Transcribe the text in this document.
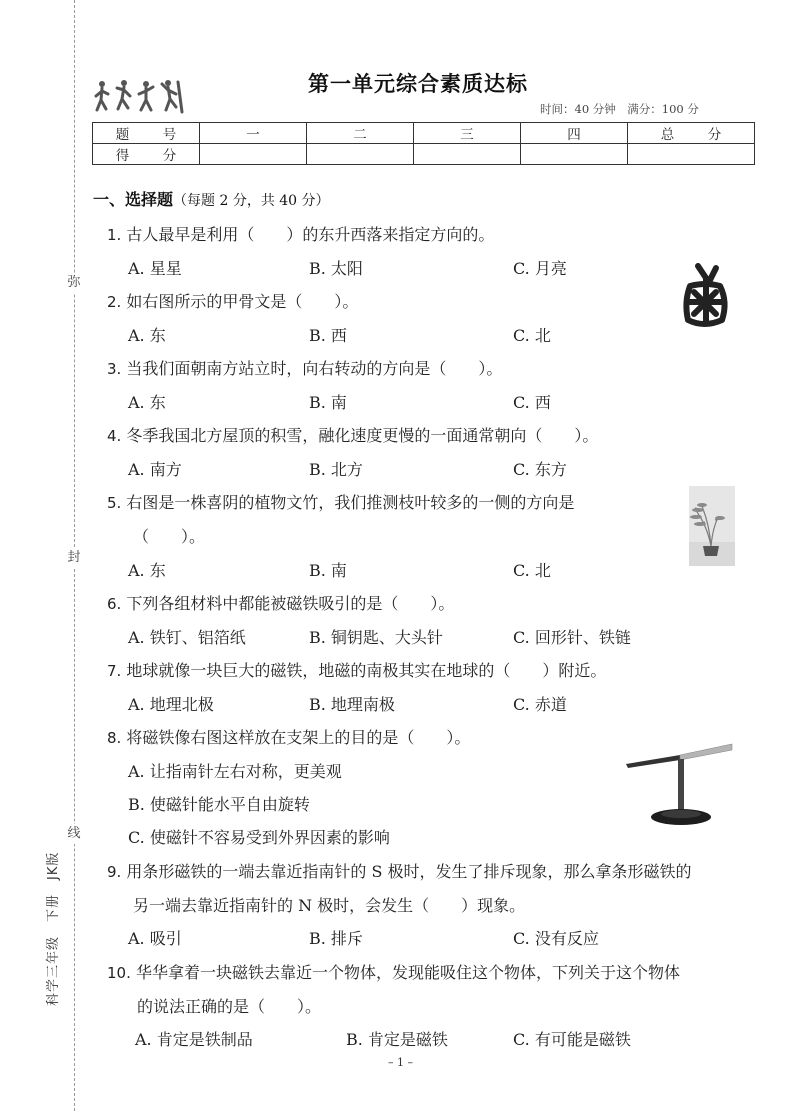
弥
封
线
科学三年级　下册　JK版
第一单元综合素质达标
时间：40 分钟　满分：100 分
题　号	一	二	三	四	总　分
得　分					
一、选择题（每题 2 分，共 40 分）
1. 古人最早是利用（　　）的东升西落来指定方向的。
A. 星星	B. 太阳	C. 月亮
2. 如右图所示的甲骨文是（　　）。
A. 东	B. 西	C. 北
3. 当我们面朝南方站立时，向右转动的方向是（　　）。
A. 东	B. 南	C. 西
4. 冬季我国北方屋顶的积雪，融化速度更慢的一面通常朝向（　　）。
A. 南方	B. 北方	C. 东方
5. 右图是一株喜阴的植物文竹，我们推测枝叶较多的一侧的方向是
（　　）。
A. 东	B. 南	C. 北
6. 下列各组材料中都能被磁铁吸引的是（　　）。
A. 铁钉、铝箔纸	B. 铜钥匙、大头针	C. 回形针、铁链
7. 地球就像一块巨大的磁铁，地磁的南极其实在地球的（　　）附近。
A. 地理北极	B. 地理南极	C. 赤道
8. 将磁铁像右图这样放在支架上的目的是（　　）。
A. 让指南针左右对称，更美观
B. 使磁针能水平自由旋转
C. 使磁针不容易受到外界因素的影响
9. 用条形磁铁的一端去靠近指南针的 S 极时，发生了排斥现象，那么拿条形磁铁的
另一端去靠近指南针的 N 极时，会发生（　　）现象。
A. 吸引	B. 排斥	C. 没有反应
10. 华华拿着一块磁铁去靠近一个物体，发现能吸住这个物体，下列关于这个物体
的说法正确的是（　　）。
A. 肯定是铁制品	B. 肯定是磁铁	C. 有可能是磁铁
– 1 –
